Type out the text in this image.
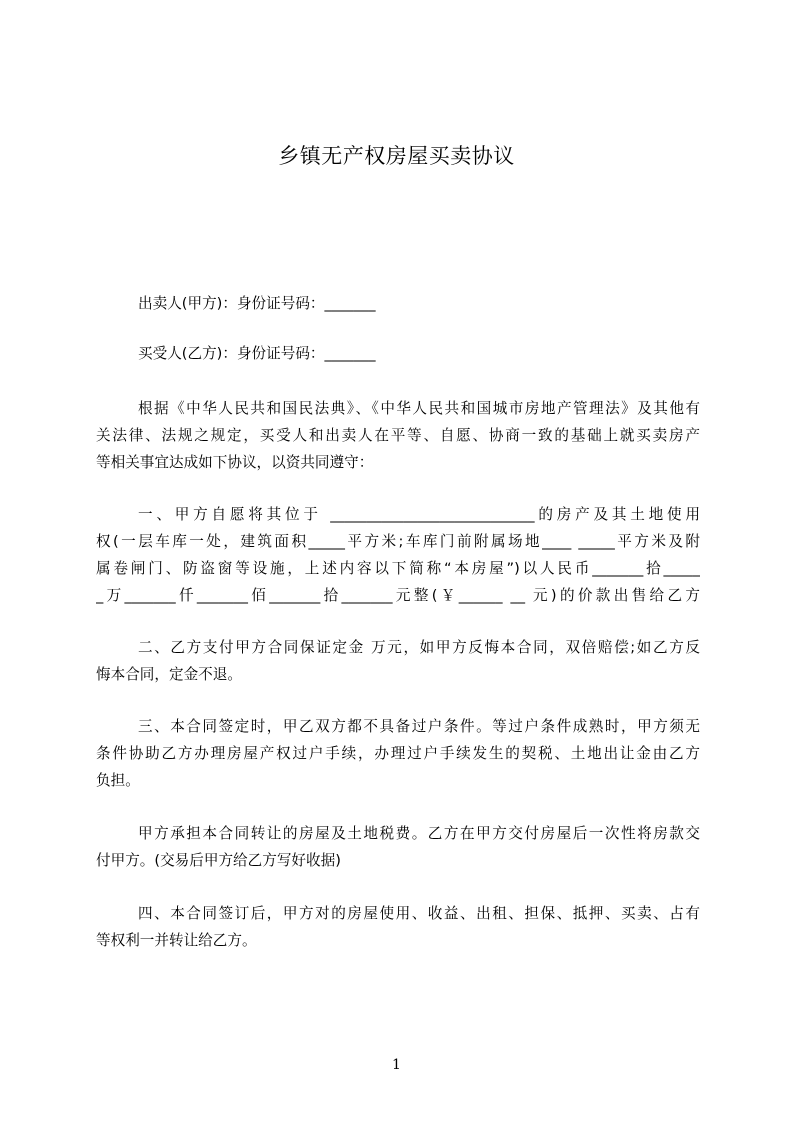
乡镇无产权房屋买卖协议
出卖人(甲方)：身份证号码：_______
买受人(乙方)：身份证号码：_______
根据《中华人民共和国民法典》、《中华人民共和国城市房地产管理法》及其他有
关法律、法规之规定，买受人和出卖人在平等、自愿、协商一致的基础上就买卖房产
等相关事宜达成如下协议，以资共同遵守：
一、甲方自愿将其位于 ____________________________的房产及其土地使用
权(一层车库一处，建筑面积_____平方米;车库门前附属场地____ _____平方米及附
属卷闸门、防盗窗等设施，上述内容以下简称“本房屋”)以人民币_______拾_____
_万_______仟_______佰_______拾_______元整(￥______ __ 元)的价款出售给乙方
二、乙方支付甲方合同保证定金 万元，如甲方反悔本合同，双倍赔偿;如乙方反
悔本合同，定金不退。
三、本合同签定时，甲乙双方都不具备过户条件。等过户条件成熟时，甲方须无
条件协助乙方办理房屋产权过户手续，办理过户手续发生的契税、土地出让金由乙方
负担。
甲方承担本合同转让的房屋及土地税费。乙方在甲方交付房屋后一次性将房款交
付甲方。(交易后甲方给乙方写好收据)
四、本合同签订后，甲方对的房屋使用、收益、出租、担保、抵押、买卖、占有
等权利一并转让给乙方。
1
